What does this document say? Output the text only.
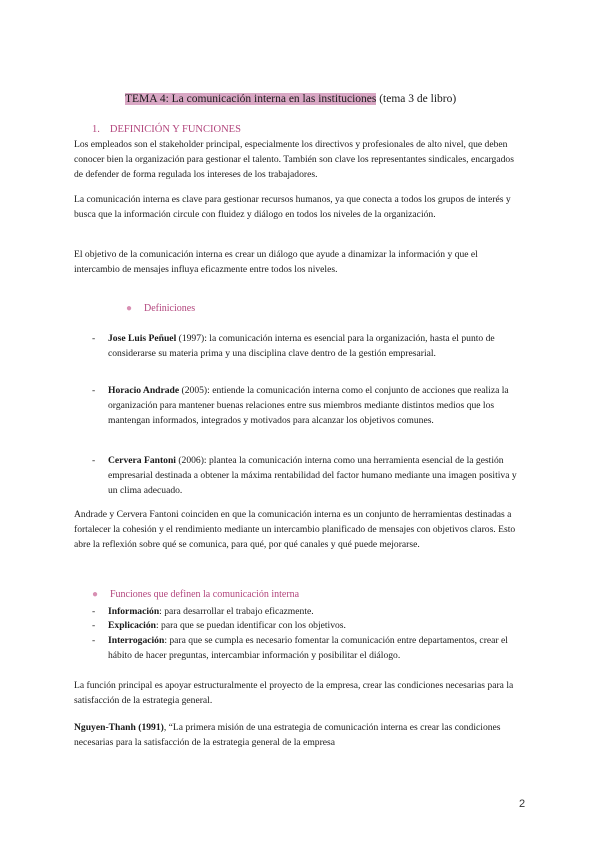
TEMA 4: La comunicación interna en las instituciones (tema 3 de libro)
1. DEFINICIÓN Y FUNCIONES
Los empleados son el stakeholder principal, especialmente los directivos y profesionales de alto nivel, que deben conocer bien la organización para gestionar el talento. También son clave los representantes sindicales, encargados de defender de forma regulada los intereses de los trabajadores.
La comunicación interna es clave para gestionar recursos humanos, ya que conecta a todos los grupos de interés y busca que la información circule con fluidez y diálogo en todos los niveles de la organización.
El objetivo de la comunicación interna es crear un diálogo que ayude a dinamizar la información y que el intercambio de mensajes influya eficazmente entre todos los niveles.
● Definiciones
- Jose Luis Peñuel (1997): la comunicación interna es esencial para la organización, hasta el punto de considerarse su materia prima y una disciplina clave dentro de la gestión empresarial.
- Horacio Andrade (2005): entiende la comunicación interna como el conjunto de acciones que realiza la organización para mantener buenas relaciones entre sus miembros mediante distintos medios que los mantengan informados, integrados y motivados para alcanzar los objetivos comunes.
- Cervera Fantoni (2006): plantea la comunicación interna como una herramienta esencial de la gestión empresarial destinada a obtener la máxima rentabilidad del factor humano mediante una imagen positiva y un clima adecuado.
Andrade y Cervera Fantoni coinciden en que la comunicación interna es un conjunto de herramientas destinadas a fortalecer la cohesión y el rendimiento mediante un intercambio planificado de mensajes con objetivos claros. Esto abre la reflexión sobre qué se comunica, para qué, por qué canales y qué puede mejorarse.
● Funciones que definen la comunicación interna
- Información: para desarrollar el trabajo eficazmente.
- Explicación: para que se puedan identificar con los objetivos.
- Interrogación: para que se cumpla es necesario fomentar la comunicación entre departamentos, crear el hábito de hacer preguntas, intercambiar información y posibilitar el diálogo.
La función principal es apoyar estructuralmente el proyecto de la empresa, crear las condiciones necesarias para la satisfacción de la estrategia general.
Nguyen-Thanh (1991), “La primera misión de una estrategia de comunicación interna es crear las condiciones necesarias para la satisfacción de la estrategia general de la empresa
2
